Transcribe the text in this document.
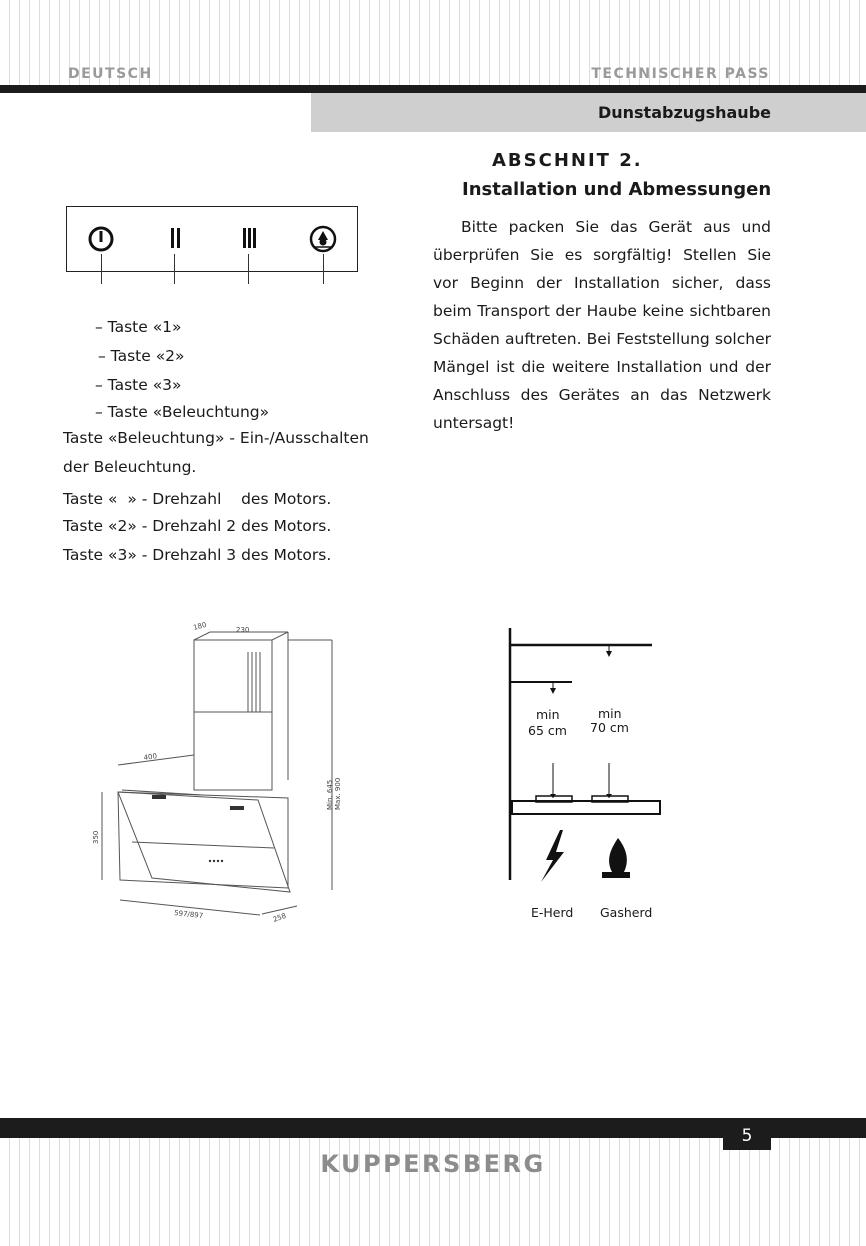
DEUTSCH	TECHNISCHER PASS
Dunstabzugshaube
ABSCHNIT 2.
Installation und Abmessungen

Bitte packen Sie das Gerät aus und überprüfen Sie es sorgfältig! Stellen Sie vor Beginn der Installation sicher, dass beim Transport der Haube keine sichtbaren Schäden auftreten. Bei Feststellung solcher Mängel ist die weitere Installation und der Anschluss des Gerätes an das Netzwerk untersagt!

– Taste «1»
– Taste «2»
– Taste «3»
– Taste «Beleuchtung»
Taste «Beleuchtung» - Ein-/Ausschalten
der Beleuchtung.
Taste «  » - Drehzahl    des Motors.
Taste «2» - Drehzahl 2 des Motors.
Taste «3» - Drehzahl 3 des Motors.
180	230
400
350
597/897	258
Min. 645 Max. 900
min
65 cm
min
70 cm
E-Herd Gasherd
5
KUPPERSBERG
